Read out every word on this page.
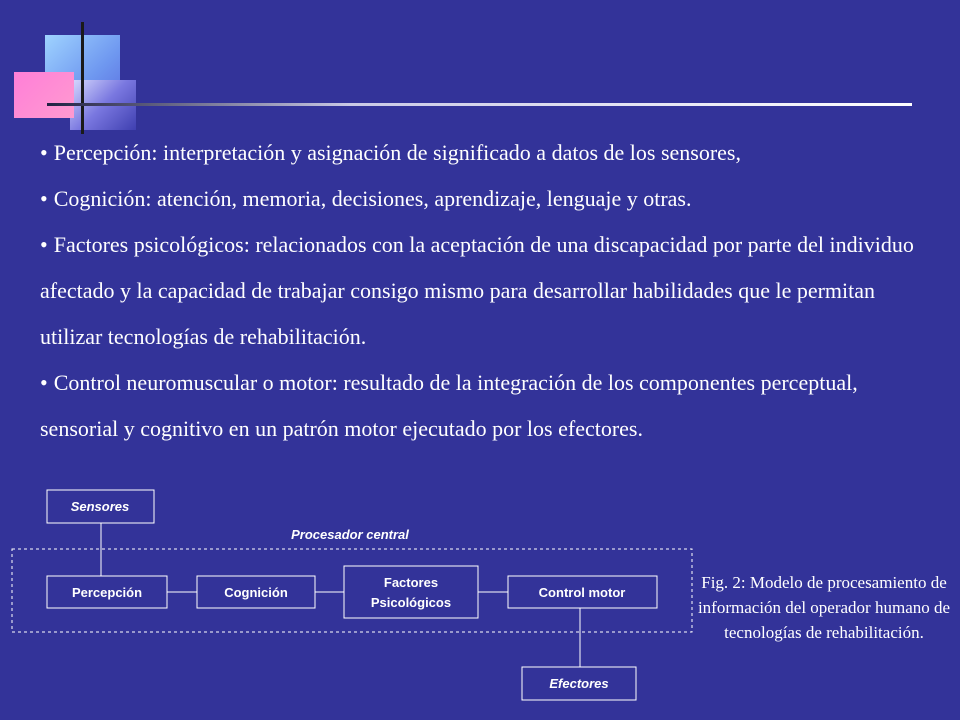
• Percepción: interpretación y asignación de significado a datos de los sensores,
• Cognición: atención, memoria, decisiones, aprendizaje, lenguaje y otras.
• Factores psicológicos: relacionados con la aceptación de una discapacidad por parte del individuo afectado y la capacidad de trabajar consigo mismo para desarrollar habilidades que le permitan utilizar tecnologías de rehabilitación.
• Control neuromuscular o motor: resultado de la integración de los componentes perceptual, sensorial y cognitivo en un patrón motor ejecutado por los efectores.
Procesador central
Sensores
Percepción	Cognición
Factores
Psicológicos
Control motor
Efectores
Fig. 2: Modelo de procesamiento de información del operador humano de tecnologías de rehabilitación.
